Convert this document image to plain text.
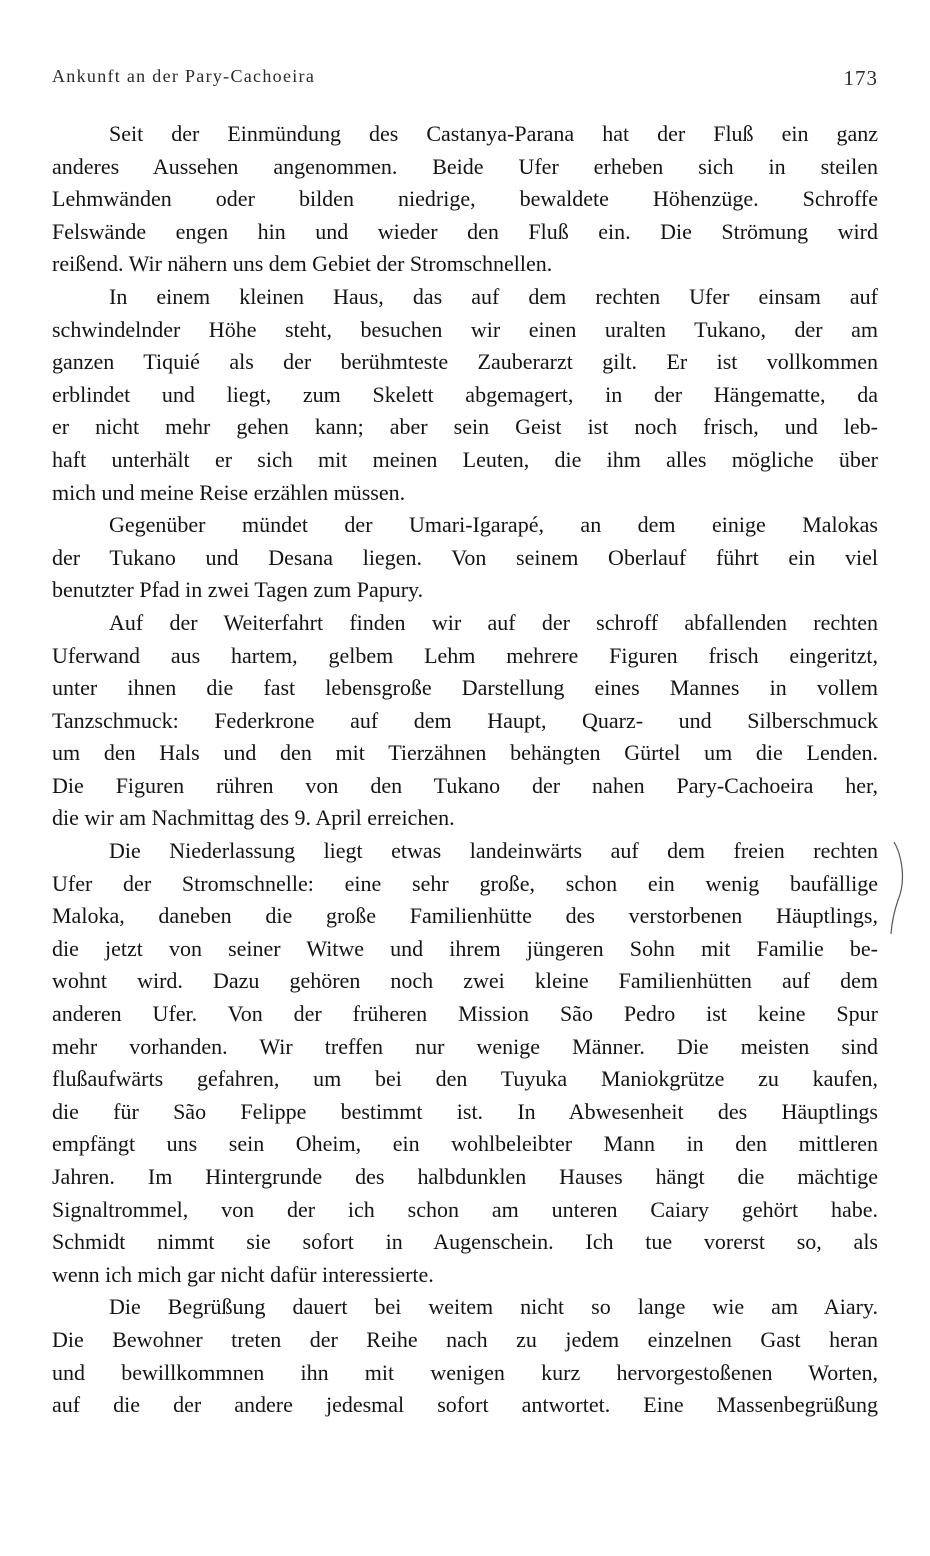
Ankunft an der Pary-Cachoeira	173
Seit der Einmündung des Castanya-Parana hat der Fluß ein ganz
anderes Aussehen angenommen. Beide Ufer erheben sich in steilen
Lehmwänden oder bilden niedrige, bewaldete Höhenzüge. Schroffe
Felswände engen hin und wieder den Fluß ein. Die Strömung wird
reißend. Wir nähern uns dem Gebiet der Stromschnellen.
In einem kleinen Haus, das auf dem rechten Ufer einsam auf
schwindelnder Höhe steht, besuchen wir einen uralten Tukano, der am
ganzen Tiquié als der berühmteste Zauberarzt gilt. Er ist vollkommen
erblindet und liegt, zum Skelett abgemagert, in der Hängematte, da
er nicht mehr gehen kann; aber sein Geist ist noch frisch, und leb-
haft unterhält er sich mit meinen Leuten, die ihm alles mögliche über
mich und meine Reise erzählen müssen.
Gegenüber mündet der Umari-Igarapé, an dem einige Malokas
der Tukano und Desana liegen. Von seinem Oberlauf führt ein viel
benutzter Pfad in zwei Tagen zum Papury.
Auf der Weiterfahrt finden wir auf der schroff abfallenden rechten
Uferwand aus hartem, gelbem Lehm mehrere Figuren frisch eingeritzt,
unter ihnen die fast lebensgroße Darstellung eines Mannes in vollem
Tanzschmuck: Federkrone auf dem Haupt, Quarz- und Silberschmuck
um den Hals und den mit Tierzähnen behängten Gürtel um die Lenden.
Die Figuren rühren von den Tukano der nahen Pary-Cachoeira her,
die wir am Nachmittag des 9. April erreichen.
Die Niederlassung liegt etwas landeinwärts auf dem freien rechten
Ufer der Stromschnelle: eine sehr große, schon ein wenig baufällige
Maloka, daneben die große Familienhütte des verstorbenen Häuptlings,
die jetzt von seiner Witwe und ihrem jüngeren Sohn mit Familie be-
wohnt wird. Dazu gehören noch zwei kleine Familienhütten auf dem
anderen Ufer. Von der früheren Mission São Pedro ist keine Spur
mehr vorhanden. Wir treffen nur wenige Männer. Die meisten sind
flußaufwärts gefahren, um bei den Tuyuka Maniokgrütze zu kaufen,
die für São Felippe bestimmt ist. In Abwesenheit des Häuptlings
empfängt uns sein Oheim, ein wohlbeleibter Mann in den mittleren
Jahren. Im Hintergrunde des halbdunklen Hauses hängt die mächtige
Signaltrommel, von der ich schon am unteren Caiary gehört habe.
Schmidt nimmt sie sofort in Augenschein. Ich tue vorerst so, als
wenn ich mich gar nicht dafür interessierte.
Die Begrüßung dauert bei weitem nicht so lange wie am Aiary.
Die Bewohner treten der Reihe nach zu jedem einzelnen Gast heran
und bewillkommnen ihn mit wenigen kurz hervorgestoßenen Worten,
auf die der andere jedesmal sofort antwortet. Eine Massenbegrüßung
